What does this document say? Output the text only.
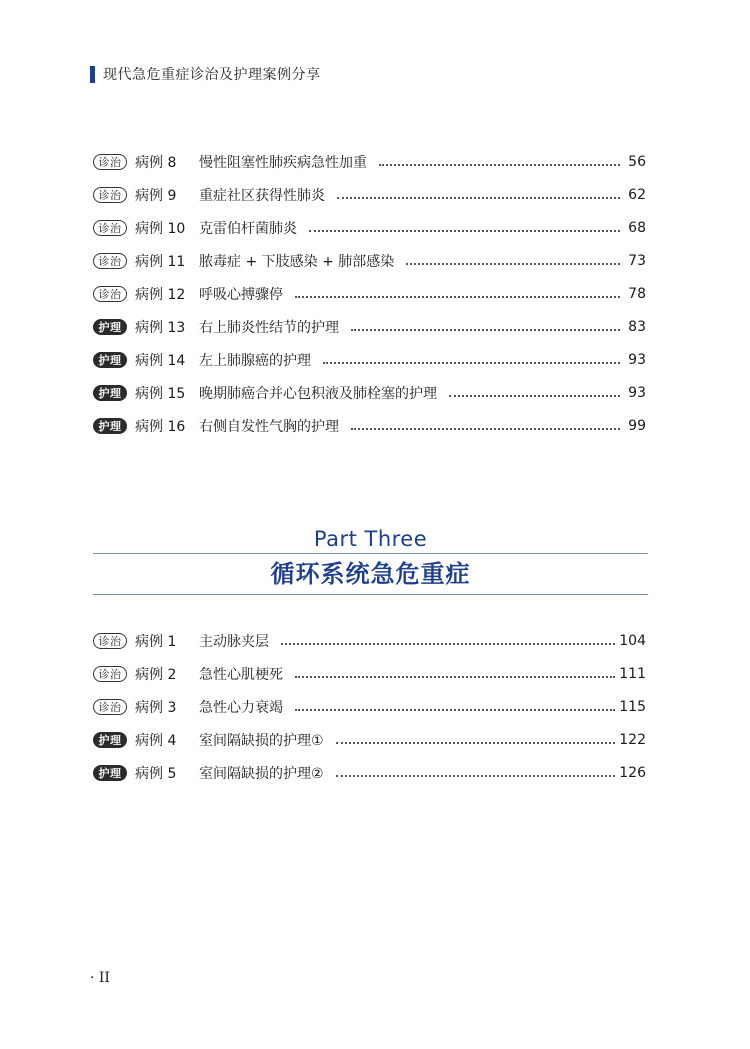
现代急危重症诊治及护理案例分享
诊治 病例 8	慢性阻塞性肺疾病急性加重	56
诊治 病例 9	重症社区获得性肺炎	62
诊治 病例 10 克雷伯杆菌肺炎	68
诊治 病例 11 脓毒症 + 下肢感染 + 肺部感染	73
诊治 病例 12 呼吸心搏骤停	78
护理 病例 13 右上肺炎性结节的护理	83
护理 病例 14 左上肺腺癌的护理	93
护理 病例 15 晚期肺癌合并心包积液及肺栓塞的护理	93
护理 病例 16 右侧自发性气胸的护理	99
Part Three
循环系统急危重症
诊治 病例 1	主动脉夹层	104
诊治 病例 2	急性心肌梗死	111
诊治 病例 3	急性心力衰竭	115
护理 病例 4	室间隔缺损的护理①	122
护理 病例 5	室间隔缺损的护理②	126
· II
